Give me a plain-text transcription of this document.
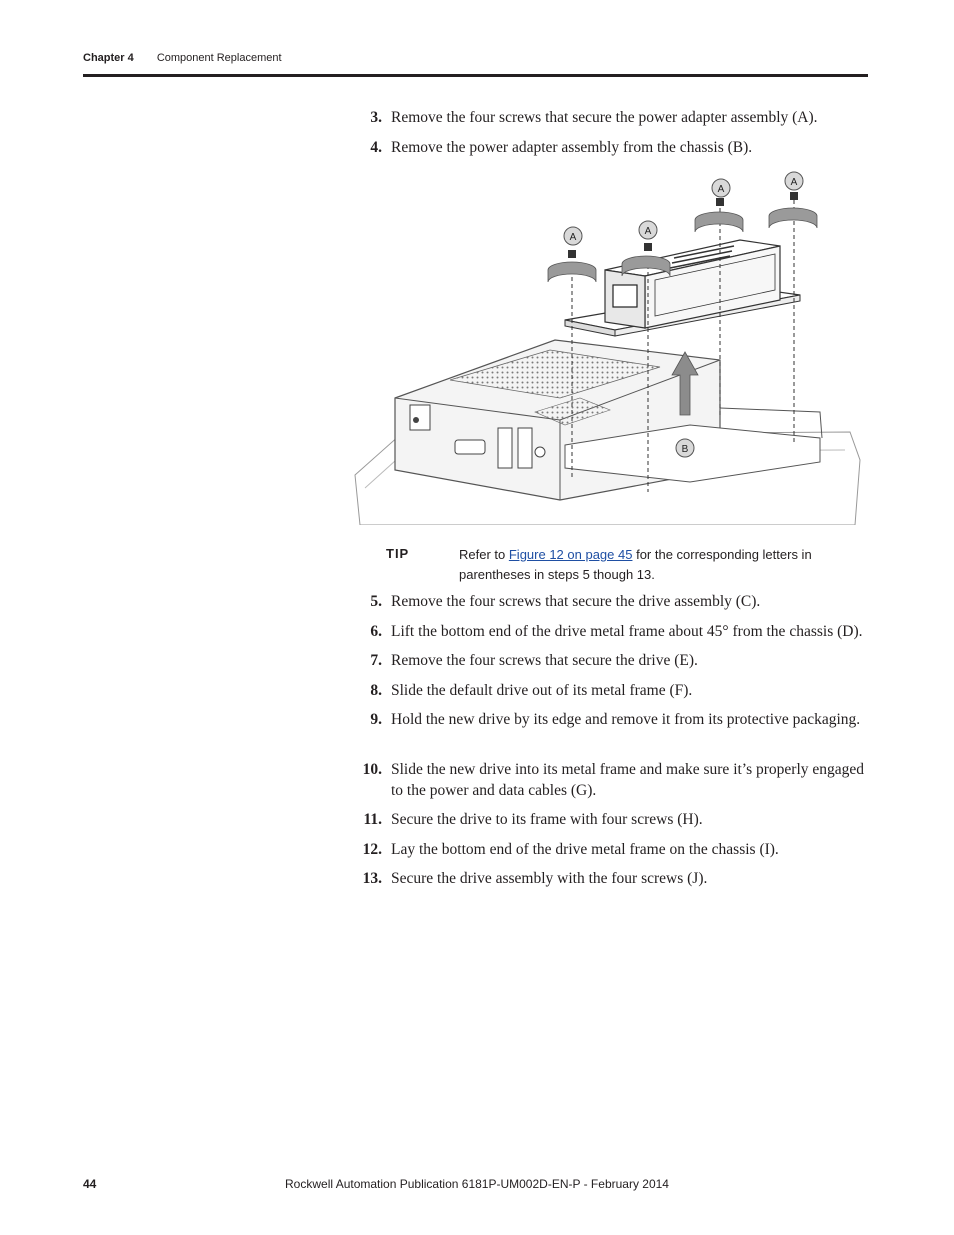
Chapter 4 Component Replacement
3. Remove the four screws that secure the power adapter assembly (A).
4. Remove the power adapter assembly from the chassis (B).
A
A
A
A
B
TIP	Refer to Figure 12 on page 45 for the corresponding letters in parentheses in steps 5 though 13.
5. Remove the four screws that secure the drive assembly (C).
6. Lift the bottom end of the drive metal frame about 45° from the chassis (D).
7. Remove the four screws that secure the drive (E).
8. Slide the default drive out of its metal frame (F).
9. Hold the new drive by its edge and remove it from its protective packaging.
10. Slide the new drive into its metal frame and make sure it’s properly engaged to the power and data cables (G).
11. Secure the drive to its frame with four screws (H).
12. Lay the bottom end of the drive metal frame on the chassis (I).
13. Secure the drive assembly with the four screws (J).
44	Rockwell Automation Publication 6181P-UM002D-EN-P - February 2014
